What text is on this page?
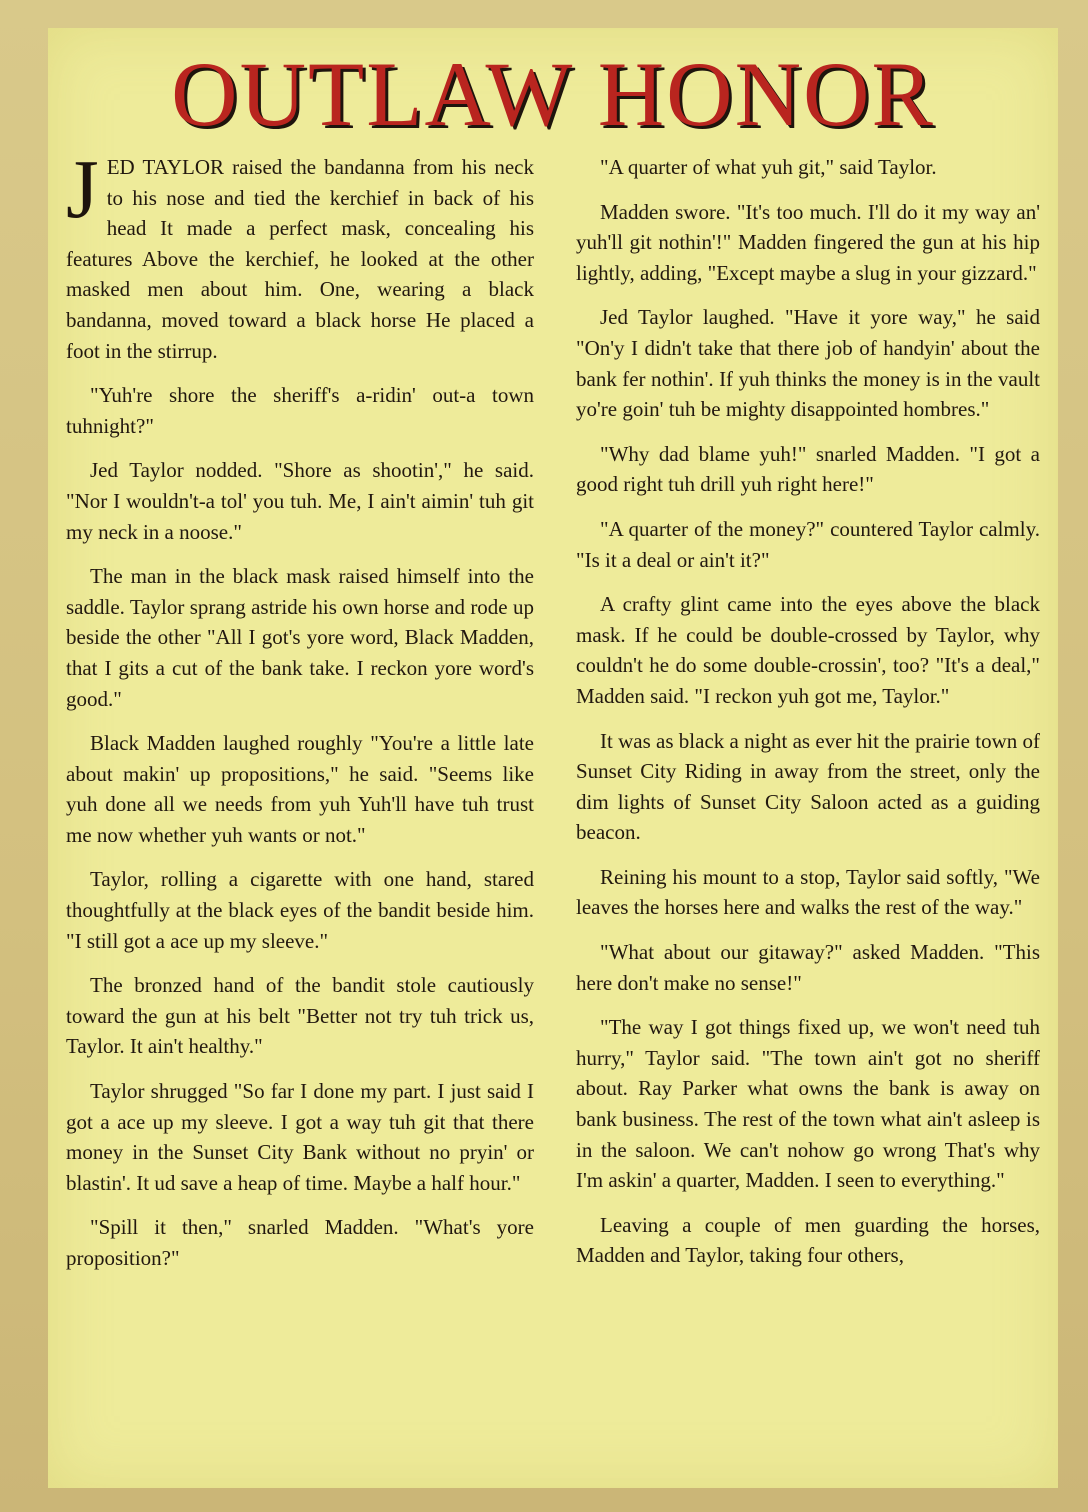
OUTLAW HONOR

JED TAYLOR raised the bandanna from his neck to his nose and tied the kerchief in back of his head It made a perfect mask, concealing his features Above the kerchief, he looked at the other masked men about him. One, wearing a black bandanna, moved toward a black horse He placed a foot in the stirrup.

"Yuh're shore the sheriff's a-ridin' out-a town tuhnight?"

Jed Taylor nodded. "Shore as shootin'," he said. "Nor I wouldn't-a tol' you tuh. Me, I ain't aimin' tuh git my neck in a noose."

The man in the black mask raised himself into the saddle. Taylor sprang astride his own horse and rode up beside the other "All I got's yore word, Black Madden, that I gits a cut of the bank take. I reckon yore word's good."

Black Madden laughed roughly "You're a little late about makin' up propositions," he said. "Seems like yuh done all we needs from yuh Yuh'll have tuh trust me now whether yuh wants or not."

Taylor, rolling a cigarette with one hand, stared thoughtfully at the black eyes of the bandit beside him. "I still got a ace up my sleeve."

The bronzed hand of the bandit stole cautiously toward the gun at his belt "Better not try tuh trick us, Taylor. It ain't healthy."

Taylor shrugged "So far I done my part. I just said I got a ace up my sleeve. I got a way tuh git that there money in the Sunset City Bank without no pryin' or blastin'. It ud save a heap of time. Maybe a half hour."

"Spill it then," snarled Madden. "What's yore proposition?"

"A quarter of what yuh git," said Taylor.

Madden swore. "It's too much. I'll do it my way an' yuh'll git nothin'!" Madden fingered the gun at his hip lightly, adding, "Except maybe a slug in your gizzard."

Jed Taylor laughed. "Have it yore way," he said "On'y I didn't take that there job of handyin' about the bank fer nothin'. If yuh thinks the money is in the vault yo're goin' tuh be mighty disappointed hombres."

"Why dad blame yuh!" snarled Madden. "I got a good right tuh drill yuh right here!"

"A quarter of the money?" countered Taylor calmly. "Is it a deal or ain't it?"

A crafty glint came into the eyes above the black mask. If he could be double-crossed by Taylor, why couldn't he do some double-crossin', too? "It's a deal," Madden said. "I reckon yuh got me, Taylor."

It was as black a night as ever hit the prairie town of Sunset City Riding in away from the street, only the dim lights of Sunset City Saloon acted as a guiding beacon.

Reining his mount to a stop, Taylor said softly, "We leaves the horses here and walks the rest of the way."

"What about our gitaway?" asked Madden. "This here don't make no sense!"

"The way I got things fixed up, we won't need tuh hurry," Taylor said. "The town ain't got no sheriff about. Ray Parker what owns the bank is away on bank business. The rest of the town what ain't asleep is in the saloon. We can't nohow go wrong That's why I'm askin' a quarter, Madden. I seen to everything."

Leaving a couple of men guarding the horses, Madden and Taylor, taking four others,
